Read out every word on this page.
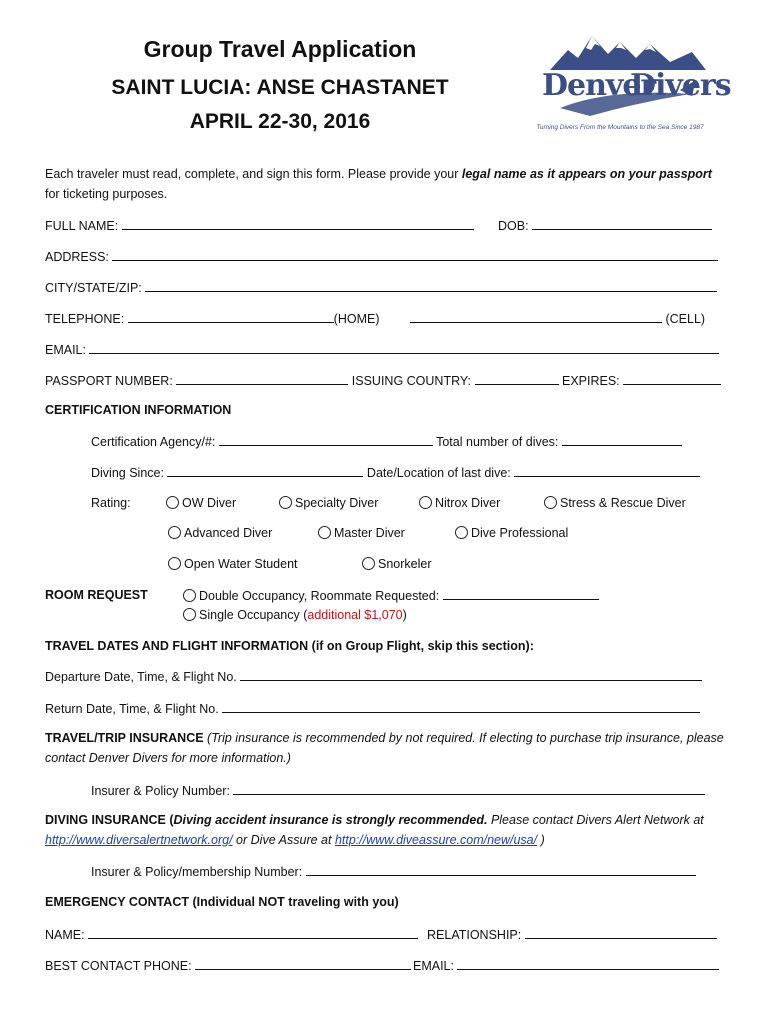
Group Travel Application
SAINT LUCIA: ANSE CHASTANET
APRIL 22-30, 2016
Denver
Divers
Turning Divers From the Mountains to the Sea Since 1987
Each traveler must read, complete, and sign this form. Please provide your legal name as it appears on your passport for ticketing purposes.
FULL NAME:	DOB:
ADDRESS:
CITY/STATE/ZIP:
TELEPHONE:	(HOME)	(CELL)
EMAIL:
PASSPORT NUMBER:	ISSUING COUNTRY:	EXPIRES:
CERTIFICATION INFORMATION
Certification Agency/#:	Total number of dives:
Diving Since:	Date/Location of last dive:
Rating:	OW Diver	Specialty Diver	Nitrox Diver	Stress & Rescue Diver
Advanced Diver	Master Diver	Dive Professional
Open Water Student	Snorkeler
ROOM REQUEST	Double Occupancy, Roommate Requested:
Single Occupancy (additional $1,070)
TRAVEL DATES AND FLIGHT INFORMATION (if on Group Flight, skip this section):
Departure Date, Time, & Flight No.
Return Date, Time, & Flight No.
TRAVEL/TRIP INSURANCE (Trip insurance is recommended by not required. If electing to purchase trip insurance, please contact Denver Divers for more information.)
Insurer & Policy Number:
DIVING INSURANCE (Diving accident insurance is strongly recommended. Please contact Divers Alert Network at http://www.diversalertnetwork.org/ or Dive Assure at http://www.diveassure.com/new/usa/ )
Insurer & Policy/membership Number:
EMERGENCY CONTACT (Individual NOT traveling with you)
NAME:	RELATIONSHIP:
BEST CONTACT PHONE:	EMAIL:
